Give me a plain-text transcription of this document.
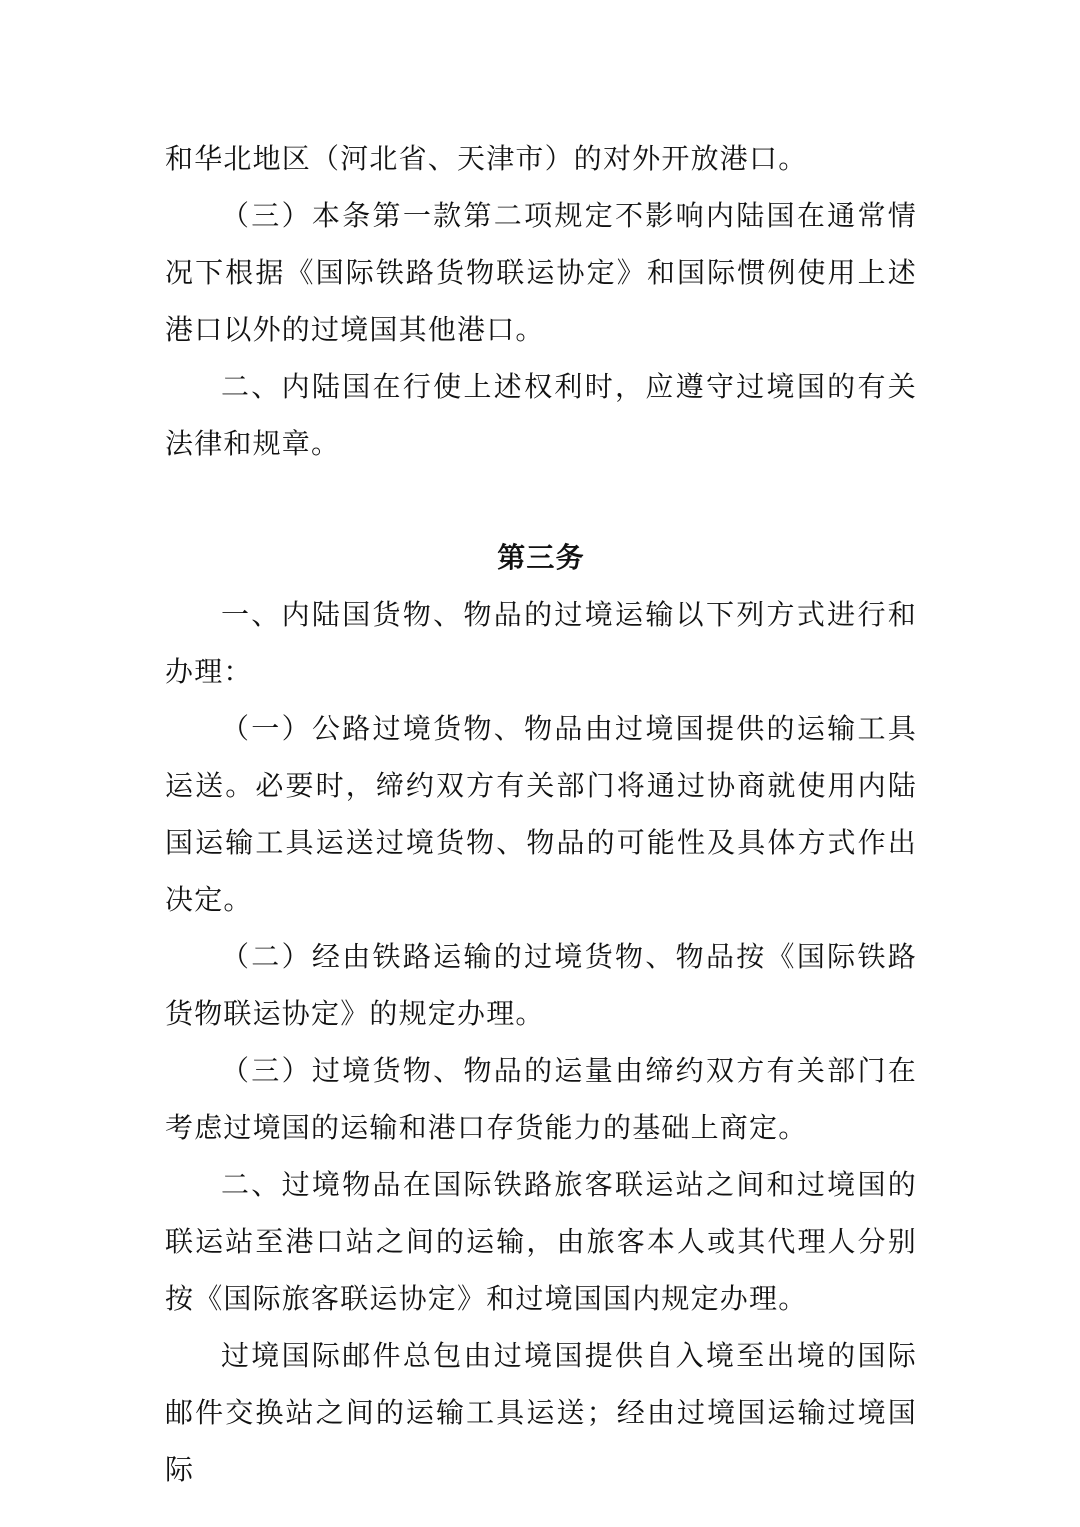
和华北地区（河北省、天津市）的对外开放港口。

（三）本条第一款第二项规定不影响内陆国在通常情况下根据《国际铁路货物联运协定》和国际惯例使用上述港口以外的过境国其他港口。

二、内陆国在行使上述权利时，应遵守过境国的有关法律和规章。

第三务

一、内陆国货物、物品的过境运输以下列方式进行和办理：

（一）公路过境货物、物品由过境国提供的运输工具运送。必要时，缔约双方有关部门将通过协商就使用内陆国运输工具运送过境货物、物品的可能性及具体方式作出决定。

（二）经由铁路运输的过境货物、物品按《国际铁路货物联运协定》的规定办理。

（三）过境货物、物品的运量由缔约双方有关部门在考虑过境国的运输和港口存货能力的基础上商定。

二、过境物品在国际铁路旅客联运站之间和过境国的联运站至港口站之间的运输，由旅客本人或其代理人分别按《国际旅客联运协定》和过境国国内规定办理。

过境国际邮件总包由过境国提供自入境至出境的国际邮件交换站之间的运输工具运送；经由过境国运输过境国际
